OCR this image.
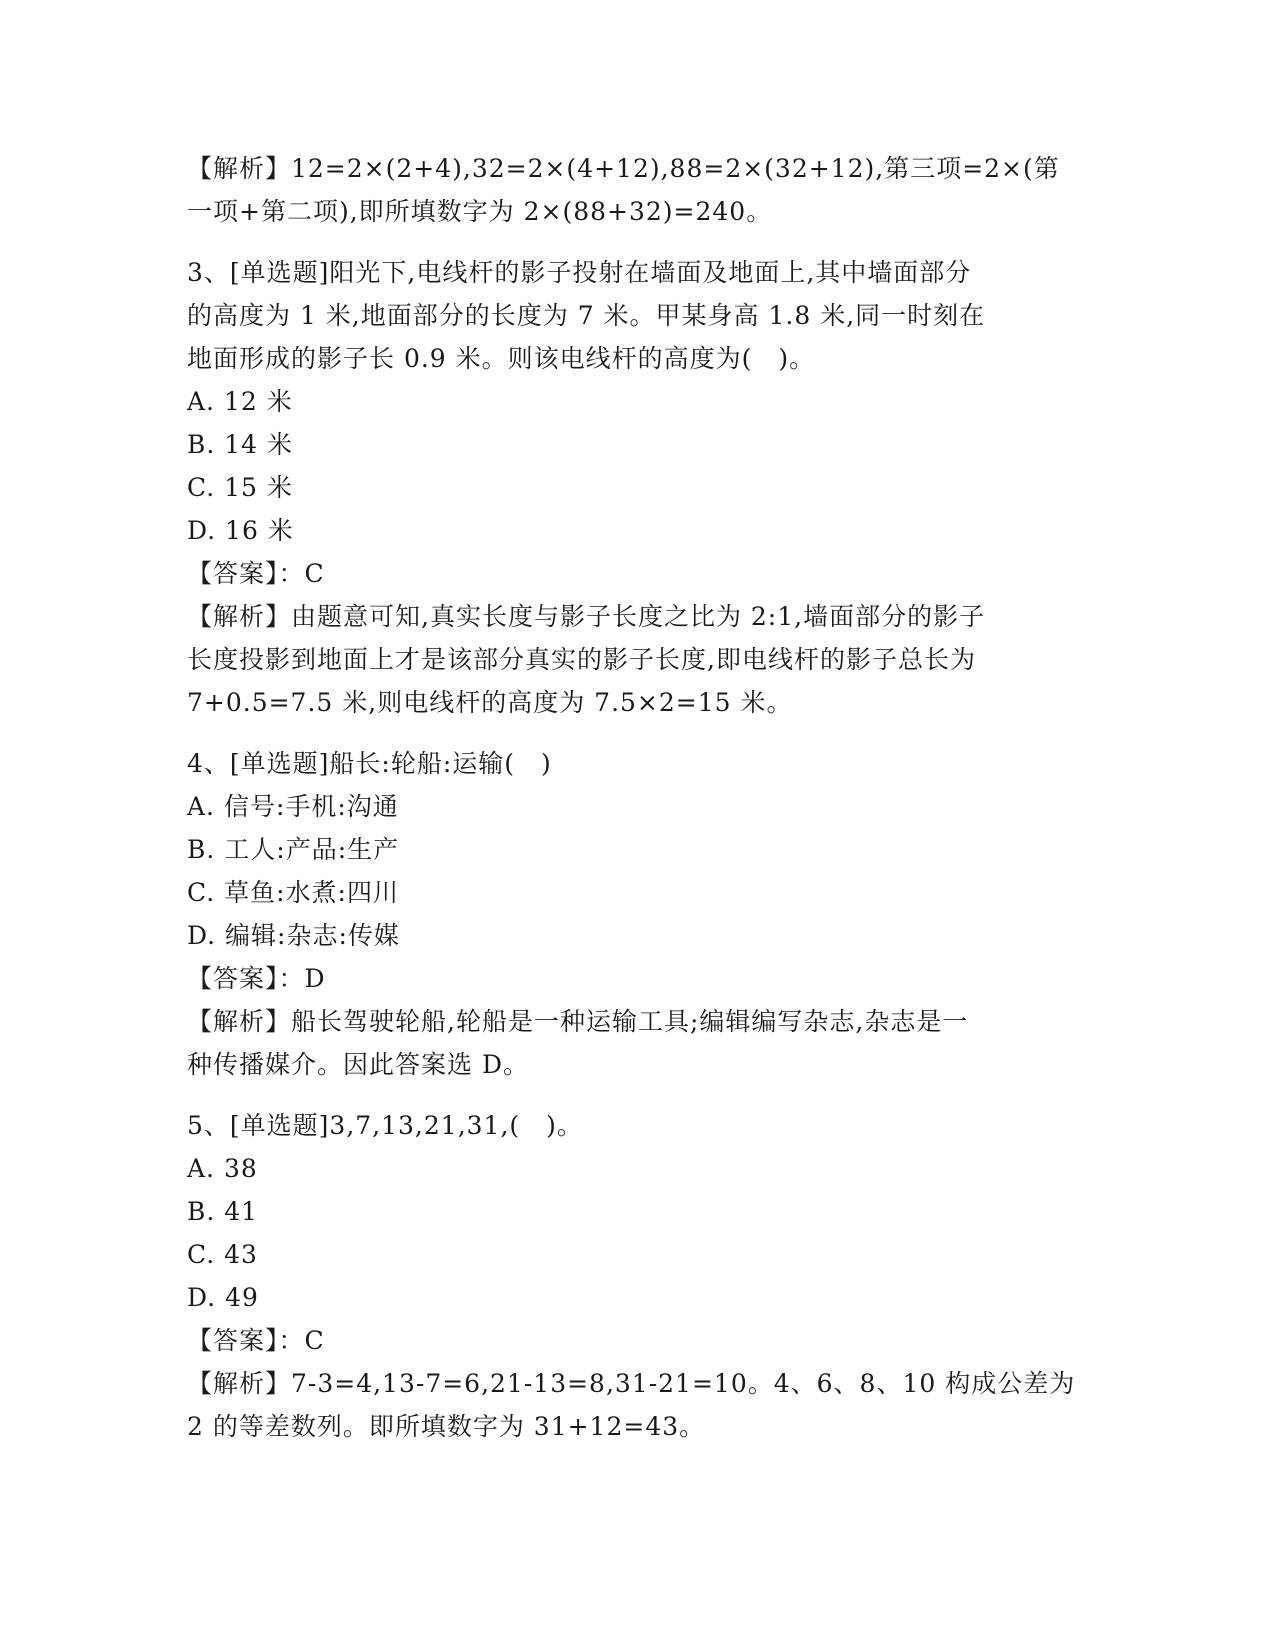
【解析】12=2×(2+4),32=2×(4+12),88=2×(32+12),第三项=2×(第
一项+第二项),即所填数字为 2×(88+32)=240。
3、[单选题]阳光下,电线杆的影子投射在墙面及地面上,其中墙面部分
的高度为 1 米,地面部分的长度为 7 米。甲某身高 1.8 米,同一时刻在
地面形成的影子长 0.9 米。则该电线杆的高度为(　)。
A. 12 米
B. 14 米
C. 15 米
D. 16 米
【答案】：C
【解析】由题意可知,真实长度与影子长度之比为 2:1,墙面部分的影子
长度投影到地面上才是该部分真实的影子长度,即电线杆的影子总长为
7+0.5=7.5 米,则电线杆的高度为 7.5×2=15 米。
4、[单选题]船长:轮船:运输(　)
A. 信号:手机:沟通
B. 工人:产品:生产
C. 草鱼:水煮:四川
D. 编辑:杂志:传媒
【答案】：D
【解析】船长驾驶轮船,轮船是一种运输工具;编辑编写杂志,杂志是一
种传播媒介。因此答案选 D。
5、[单选题]3,7,13,21,31,(　)。
A. 38
B. 41
C. 43
D. 49
【答案】：C
【解析】7-3=4,13-7=6,21-13=8,31-21=10。4、6、8、10 构成公差为
2 的等差数列。即所填数字为 31+12=43。
